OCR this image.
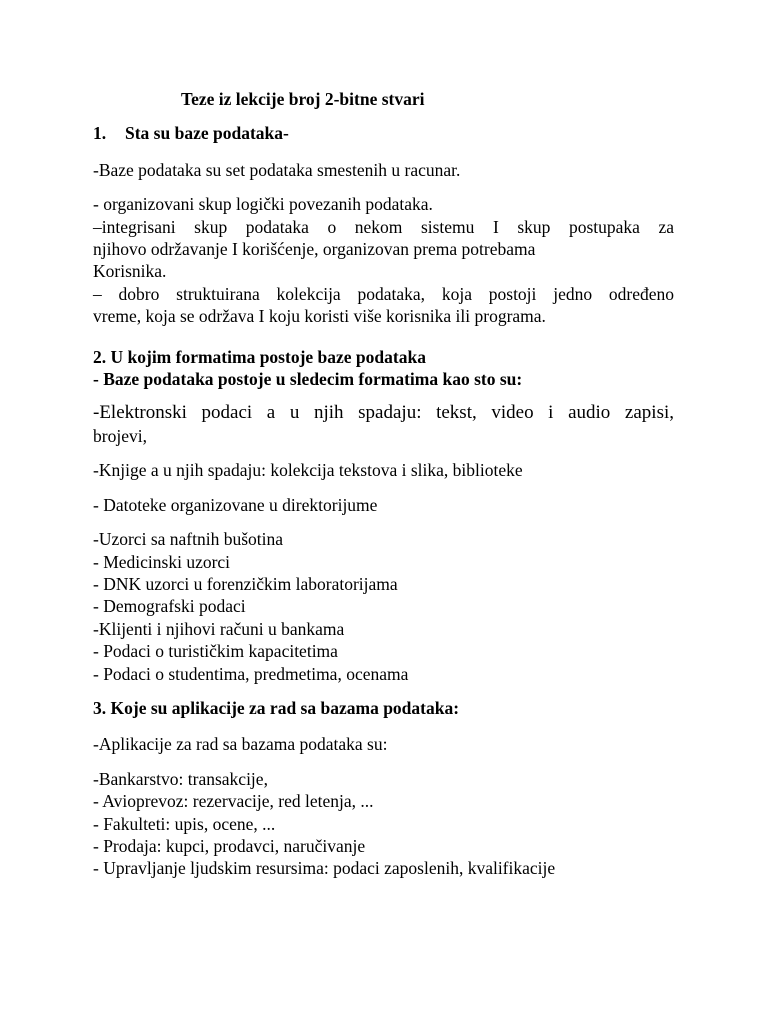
Teze iz lekcije broj 2-bitne stvari
1. Sta su baze podataka-
-Baze podataka su set podataka smestenih u racunar.
- organizovani skup logički povezanih podataka.
–integrisani skup podataka o nekom sistemu I skup postupaka za
njihovo održavanje I korišćenje, organizovan prema potrebama
Korisnika.
– dobro struktuirana kolekcija podataka, koja postoji jedno određeno
vreme, koja se održava I koju koristi više korisnika ili programa.
2. U kojim formatima postoje baze podataka
- Baze podataka postoje u sledecim formatima kao sto su:
-Elektronski podaci a u njih spadaju: tekst, video i audio zapisi,
brojevi,
-Knjige a u njih spadaju: kolekcija tekstova i slika, biblioteke
- Datoteke organizovane u direktorijume
-Uzorci sa naftnih bušotina
- Medicinski uzorci
- DNK uzorci u forenzičkim laboratorijama
- Demografski podaci
-Klijenti i njihovi računi u bankama
- Podaci o turističkim kapacitetima
- Podaci o studentima, predmetima, ocenama
3. Koje su aplikacije za rad sa bazama podataka:
-Aplikacije za rad sa bazama podataka su:
-Bankarstvo: transakcije,
- Avioprevoz: rezervacije, red letenja, ...
- Fakulteti: upis, ocene, ...
- Prodaja: kupci, prodavci, naručivanje
- Upravljanje ljudskim resursima: podaci zaposlenih, kvalifikacije
